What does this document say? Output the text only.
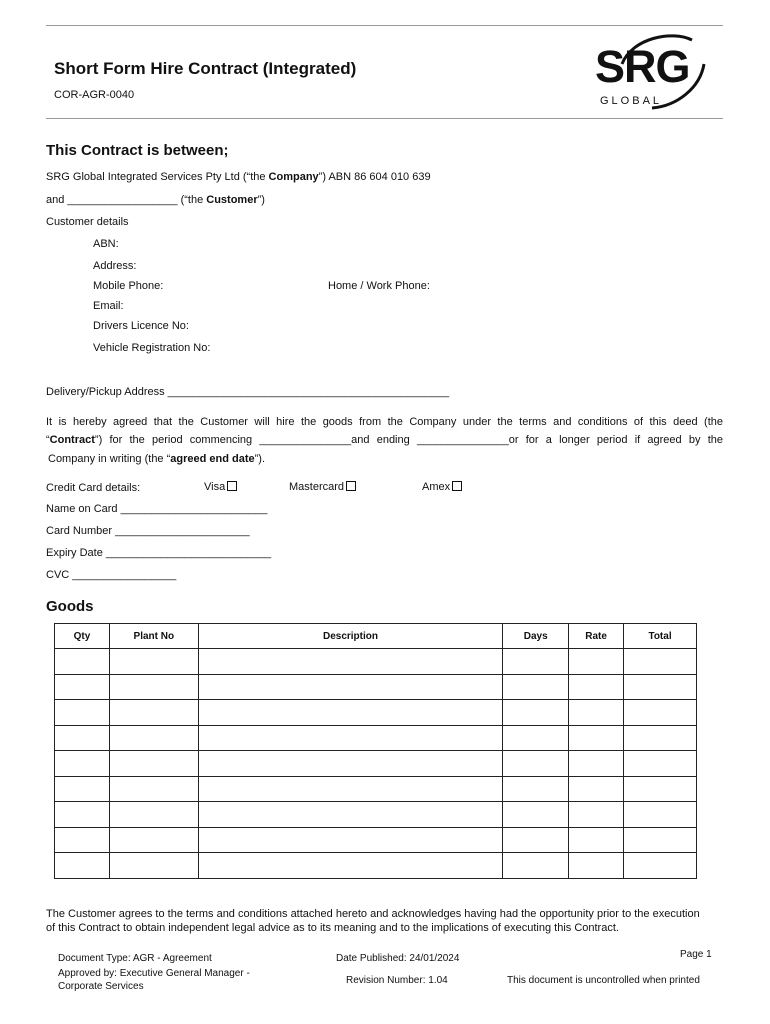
Short Form Hire Contract (Integrated)
COR-AGR-0040
SRG
GLOBAL
This Contract is between;
SRG Global Integrated Services Pty Ltd (“the Company”) ABN 86 604 010 639
and __________________ (“the Customer”)
Customer details
ABN:
Address:
Mobile Phone:	Home / Work Phone:
Email:
Drivers Licence No:
Vehicle Registration No:
Delivery/Pickup Address ______________________________________________
It is hereby agreed that the Customer will hire the goods from the Company under the terms and conditions of this deed (the
“Contract”) for the period commencing _______________and ending _______________or for a longer period if agreed by the
Company in writing (the “agreed end date”).
Credit Card details:	Visa	Mastercard	Amex
Name on Card ________________________
Card Number ______________________
Expiry Date ___________________________
CVC _________________
Goods
Qty	Plant No	Description	Days	Rate	Total

The Customer agrees to the terms and conditions attached hereto and acknowledges having had the opportunity prior to the execution
of this Contract to obtain independent legal advice as to its meaning and to the implications of executing this Contract.
Document Type: AGR - Agreement
Approved by: Executive General Manager -
Corporate Services
Date Published: 24/01/2024
Revision Number: 1.04
Page 1
This document is uncontrolled when printed
